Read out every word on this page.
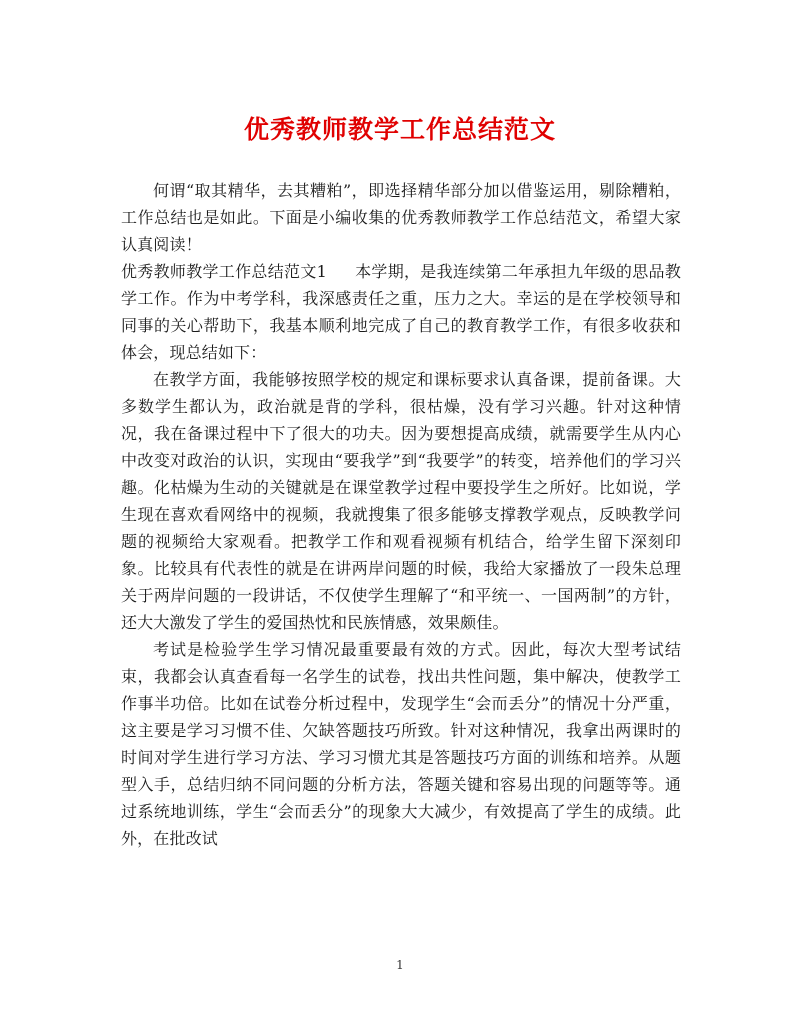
优秀教师教学工作总结范文

何谓“取其精华，去其糟粕”，即选择精华部分加以借鉴运用，剔除糟粕，工作总结也是如此。下面是小编收集的优秀教师教学工作总结范文，希望大家认真阅读！

优秀教师教学工作总结范文1 本学期，是我连续第二年承担九年级的思品教学工作。作为中考学科，我深感责任之重，压力之大。幸运的是在学校领导和同事的关心帮助下，我基本顺利地完成了自己的教育教学工作，有很多收获和体会，现总结如下：

在教学方面，我能够按照学校的规定和课标要求认真备课，提前备课。大多数学生都认为，政治就是背的学科，很枯燥，没有学习兴趣。针对这种情况，我在备课过程中下了很大的功夫。因为要想提高成绩，就需要学生从内心中改变对政治的认识，实现由“要我学”到“我要学”的转变，培养他们的学习兴趣。化枯燥为生动的关键就是在课堂教学过程中要投学生之所好。比如说，学生现在喜欢看网络中的视频，我就搜集了很多能够支撑教学观点，反映教学问题的视频给大家观看。把教学工作和观看视频有机结合，给学生留下深刻印象。比较具有代表性的就是在讲两岸问题的时候，我给大家播放了一段朱总理关于两岸问题的一段讲话，不仅使学生理解了“和平统一、一国两制”的方针，还大大激发了学生的爱国热忱和民族情感，效果颇佳。

考试是检验学生学习情况最重要最有效的方式。因此，每次大型考试结束，我都会认真查看每一名学生的试卷，找出共性问题，集中解决，使教学工作事半功倍。比如在试卷分析过程中，发现学生“会而丢分”的情况十分严重，这主要是学习习惯不佳、欠缺答题技巧所致。针对这种情况，我拿出两课时的时间对学生进行学习方法、学习习惯尤其是答题技巧方面的训练和培养。从题型入手，总结归纳不同问题的分析方法，答题关键和容易出现的问题等等。通过系统地训练，学生“会而丢分”的现象大大减少，有效提高了学生的成绩。此外，在批改试

1
